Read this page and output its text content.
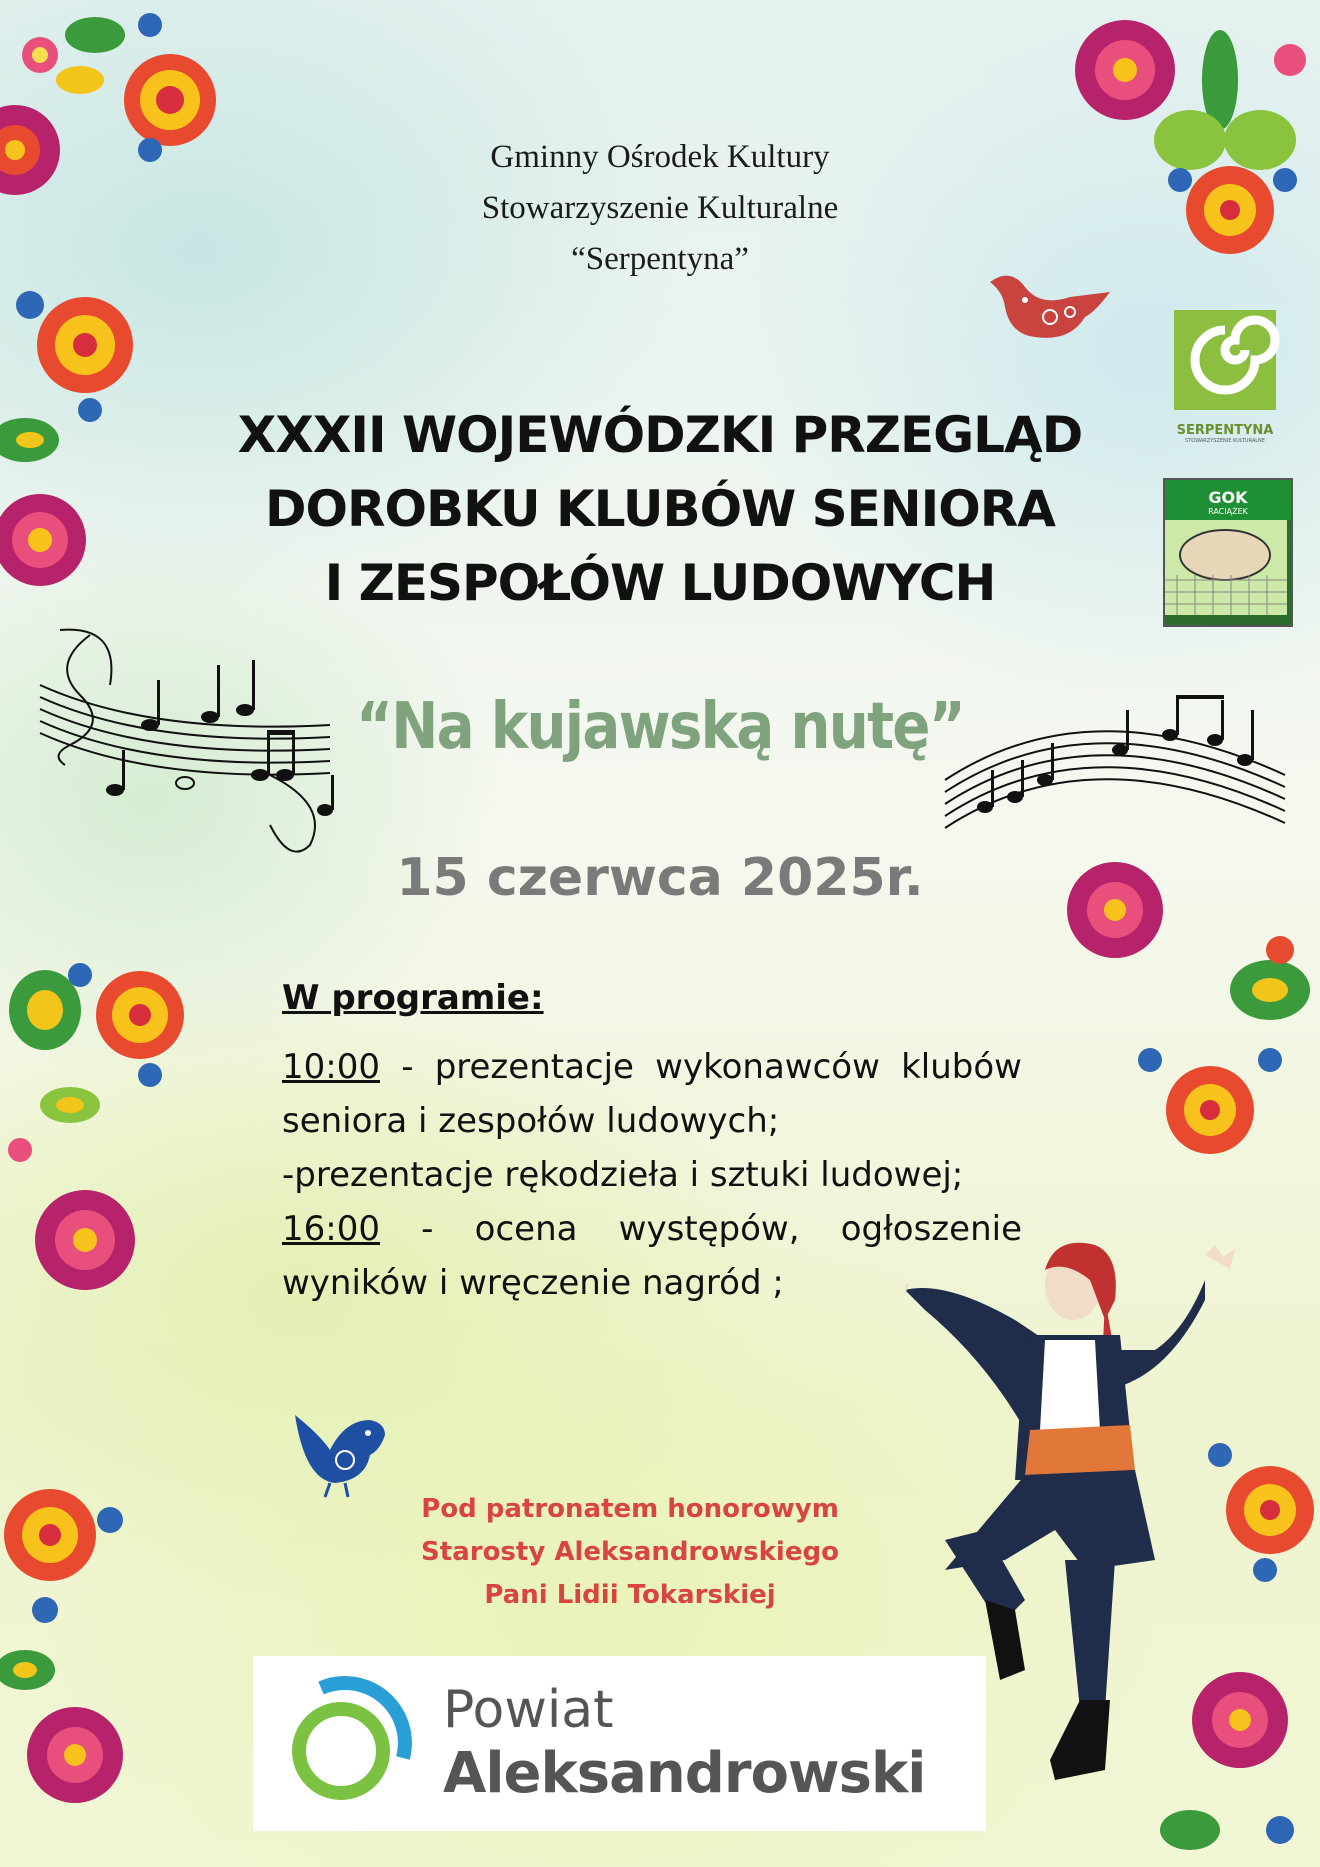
Gminny Ośrodek Kultury
Stowarzyszenie Kulturalne
“Serpentyna”
SERPENTYNA
STOWARZYSZENIE KULTURALNE
GOK
RACIĄŻEK
XXXII WOJEWÓDZKI PRZEGLĄD
DOROBKU KLUBÓW SENIORA
I ZESPOŁÓW LUDOWYCH
“Na kujawską nutę”
15 czerwca 2025r.
W programie:
10:00 - prezentacje wykonawców klubów seniora i zespołów ludowych;
-prezentacje rękodzieła i sztuki ludowej;
16:00 - ocena występów, ogłoszenie wyników i wręczenie nagród ;
Pod patronatem honorowym
Starosty Aleksandrowskiego
Pani Lidii Tokarskiej
Powiat
Aleksandrowski
